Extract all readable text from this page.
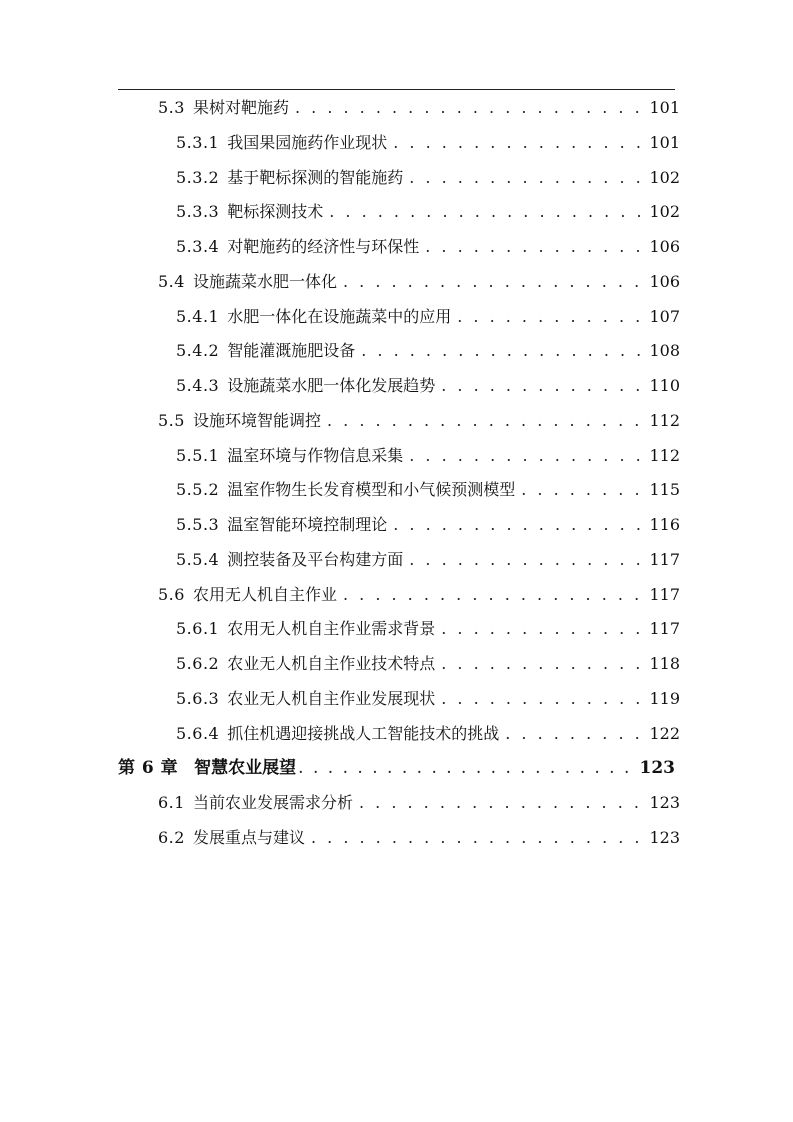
5.3 果树对靶施药 . . .	101
5.3.1 我国果园施药作业现状 . . .	101
5.3.2 基于靶标探测的智能施药 . . .	102
5.3.3 靶标探测技术 . . .	102
5.3.4 对靶施药的经济性与环保性 . . .	106
5.4 设施蔬菜水肥一体化 . . .	106
5.4.1 水肥一体化在设施蔬菜中的应用 . . .	107
5.4.2 智能灌溉施肥设备 . . .	108
5.4.3 设施蔬菜水肥一体化发展趋势 . . .	110
5.5 设施环境智能调控 . . .	112
5.5.1 温室环境与作物信息采集 . . .	112
5.5.2 温室作物生长发育模型和小气候预测模型 . . .	115
5.5.3 温室智能环境控制理论 . . .	116
5.5.4 测控装备及平台构建方面 . . .	117
5.6 农用无人机自主作业 . . .	117
5.6.1 农用无人机自主作业需求背景 . . .	117
5.6.2 农业无人机自主作业技术特点 . . .	118
5.6.3 农业无人机自主作业发展现状 . . .	119
5.6.4 抓住机遇迎接挑战人工智能技术的挑战 . . .	122
第 6 章 智慧农业展望 . . .	123
6.1 当前农业发展需求分析 . . .	123
6.2 发展重点与建议 . . .	123
